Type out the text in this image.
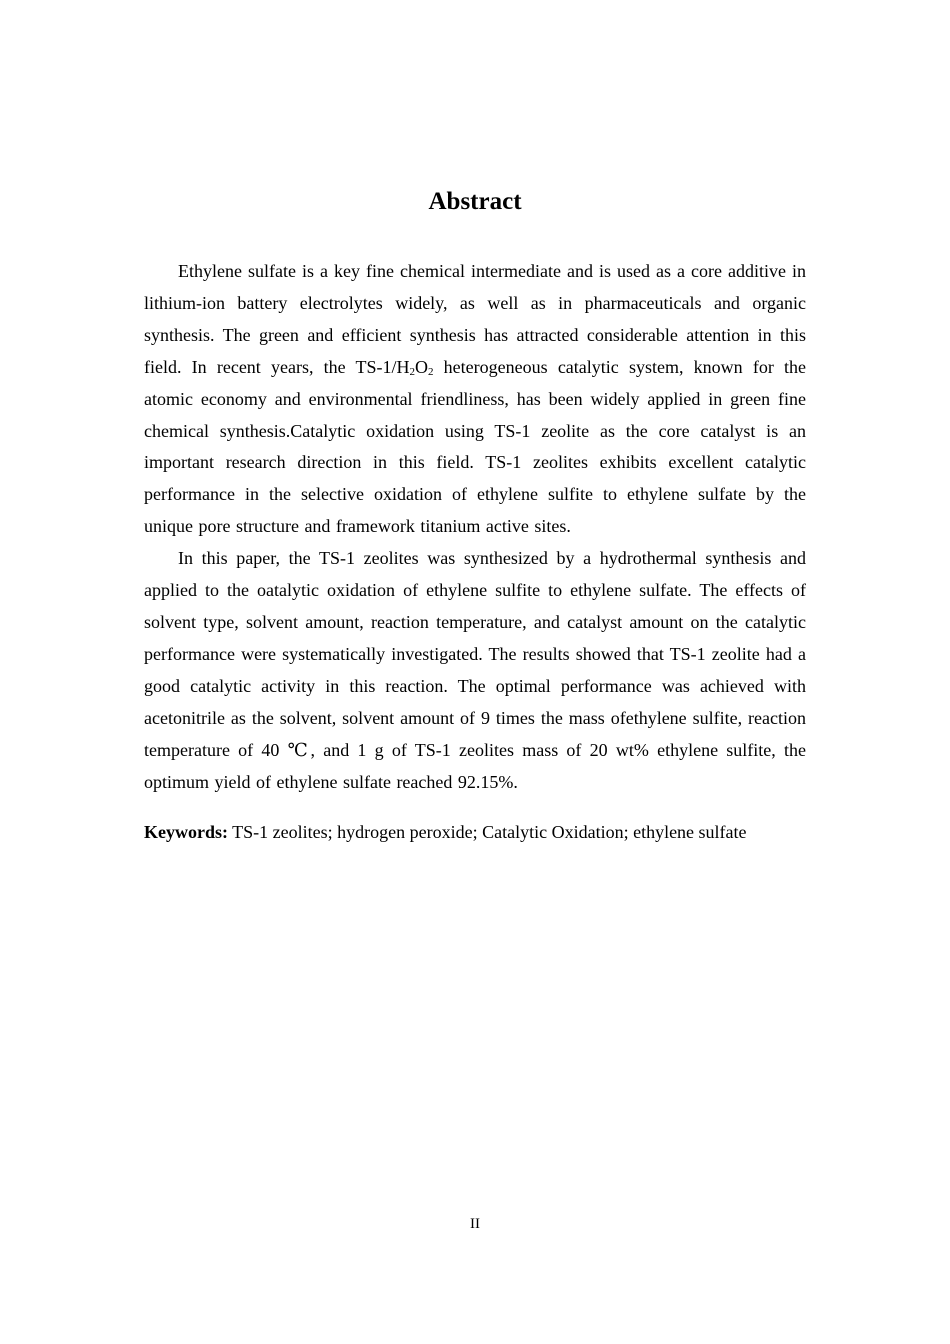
Abstract

Ethylene sulfate is a key fine chemical intermediate and is used as a core additive in lithium-ion battery electrolytes widely, as well as in pharmaceuticals and organic synthesis. The green and efficient synthesis has attracted considerable attention in this field. In recent years, the $TS-1/H_2O_2$ heterogeneous catalytic system, known for the atomic economy and environmental friendliness, has been widely applied in green fine chemical synthesis.Catalytic oxidation using TS-1 zeolite as the core catalyst is an important research direction in this field. TS-1 zeolites exhibits excellent catalytic performance in the selective oxidation of ethylene sulfite to ethylene sulfate by the unique pore structure and framework titanium active sites.

In this paper, the TS-1 zeolites was synthesized by a hydrothermal synthesis and applied to the oatalytic oxidation of ethylene sulfite to ethylene sulfate. The effects of solvent type, solvent amount, reaction temperature, and catalyst amount on the catalytic performance were systematically investigated. The results showed that TS-1 zeolite had a good catalytic activity in this reaction. The optimal performance was achieved with acetonitrile as the solvent, solvent amount of 9 times the mass ofethylene sulfite, reaction temperature of 40 ℃, and 1 g of TS-1 zeolites mass of 20 wt% ethylene sulfite, the optimum yield of ethylene sulfate reached 92.15%.

Keywords: TS-1 zeolites; hydrogen peroxide; Catalytic Oxidation; ethylene sulfate

II
